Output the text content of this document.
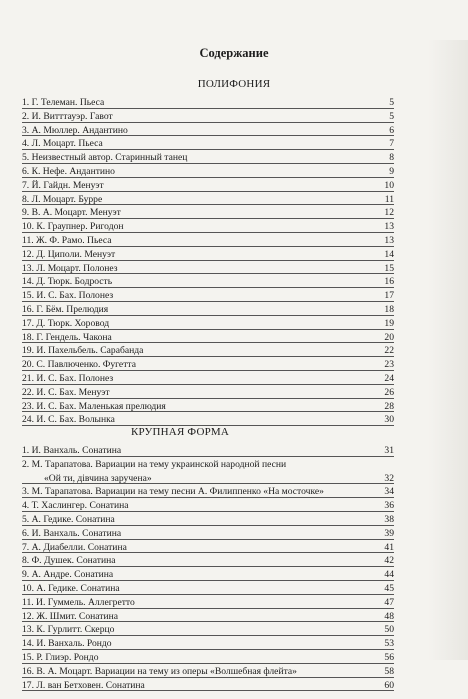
Содержание
ПОЛИФОНИЯ
1. Г. Телеман. Пьеса	5
2. И. Витттауэр. Гавот	5
3. А. Мюллер. Андантино	6
4. Л. Моцарт. Пьеса	7
5. Неизвестный автор. Старинный танец	8
6. К. Нефе. Андантино	9
7. Й. Гайдн. Менуэт	10
8. Л. Моцарт. Бурре	11
9. В. А. Моцарт. Менуэт	12
10. К. Граупнер. Ригодон	13
11. Ж. Ф. Рамо. Пьеса	13
12. Д. Циполи. Менуэт	14
13. Л. Моцарт. Полонез	15
14. Д. Тюрк. Бодрость	16
15. И. С. Бах. Полонез	17
16. Г. Бём. Прелюдия	18
17. Д. Тюрк. Хоровод	19
18. Г. Гендель. Чакона	20
19. И. Пахельбель. Сарабанда	22
20. С. Павлюченко. Фугетта	23
21. И. С. Бах. Полонез	24
22. И. С. Бах. Менуэт	26
23. И. С. Бах. Маленькая прелюдия	28
24. И. С. Бах. Волынка	30
КРУПНАЯ ФОРМА
1. И. Ванхаль. Сонатина	31
2. М. Тарапатова. Вариации на тему украинской народной песни
«Ой ти, дівчина заручена»	32
3. М. Тарапатова. Вариации на тему песни А. Филиппенко «На мосточке»	34
4. Т. Хаслингер. Сонатина	36
5. А. Гедике. Сонатина	38
6. И. Ванхаль. Сонатина	39
7. А. Диабелли. Сонатина	41
8. Ф. Душек. Сонатина	42
9. А. Андре. Сонатина	44
10. А. Гедике. Сонатина	45
11. И. Гуммель. Аллегретто	47
12. Ж. Шмит. Сонатина	48
13. К. Гурлитт. Скерцо	50
14. И. Ванхаль. Рондо	53
15. Р. Глиэр. Рондо	56
16. В. А. Моцарт. Вариации на тему из оперы «Волшебная флейта»	58
17. Л. ван Бетховен. Сонатина	60
